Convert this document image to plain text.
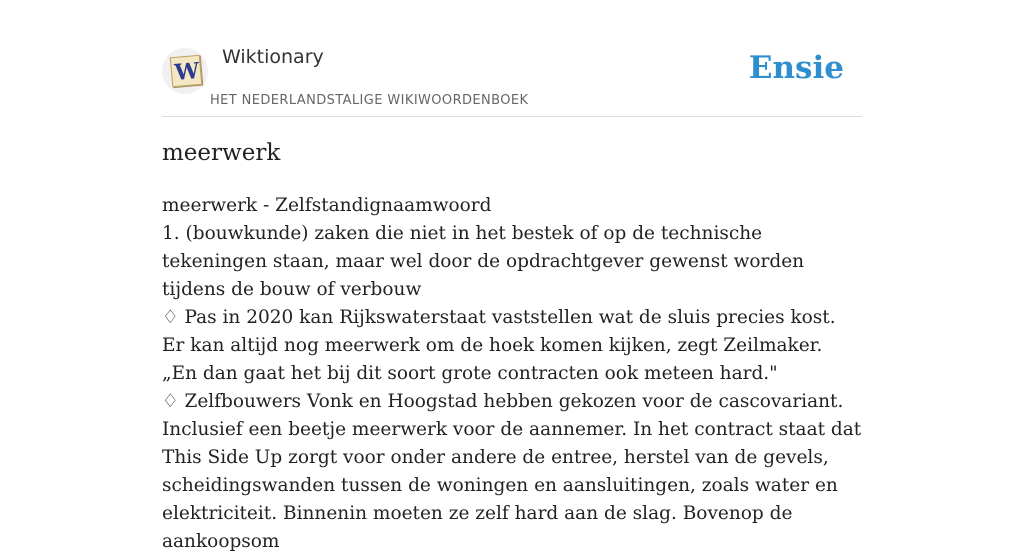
W
Wiktionary
HET NEDERLANDSTALIGE WIKIWOORDENBOEK
Ensie
meerwerk

meerwerk - Zelfstandignaamwoord

1. (bouwkunde) zaken die niet in het bestek of op de technische tekeningen staan, maar wel door de opdrachtgever gewenst worden tijdens de bouw of verbouw

♢ Pas in 2020 kan Rijkswaterstaat vaststellen wat de sluis precies kost. Er kan altijd nog meerwerk om de hoek komen kijken, zegt Zeilmaker. „En dan gaat het bij dit soort grote contracten ook meteen hard."

♢ Zelfbouwers Vonk en Hoogstad hebben gekozen voor de cascovariant. Inclusief een beetje meerwerk voor de aannemer. In het contract staat dat This Side Up zorgt voor onder andere de entree, herstel van de gevels, scheidingswanden tussen de woningen en aansluitingen, zoals water en elektriciteit. Binnenin moeten ze zelf hard aan de slag. Bovenop de aankoopsom
